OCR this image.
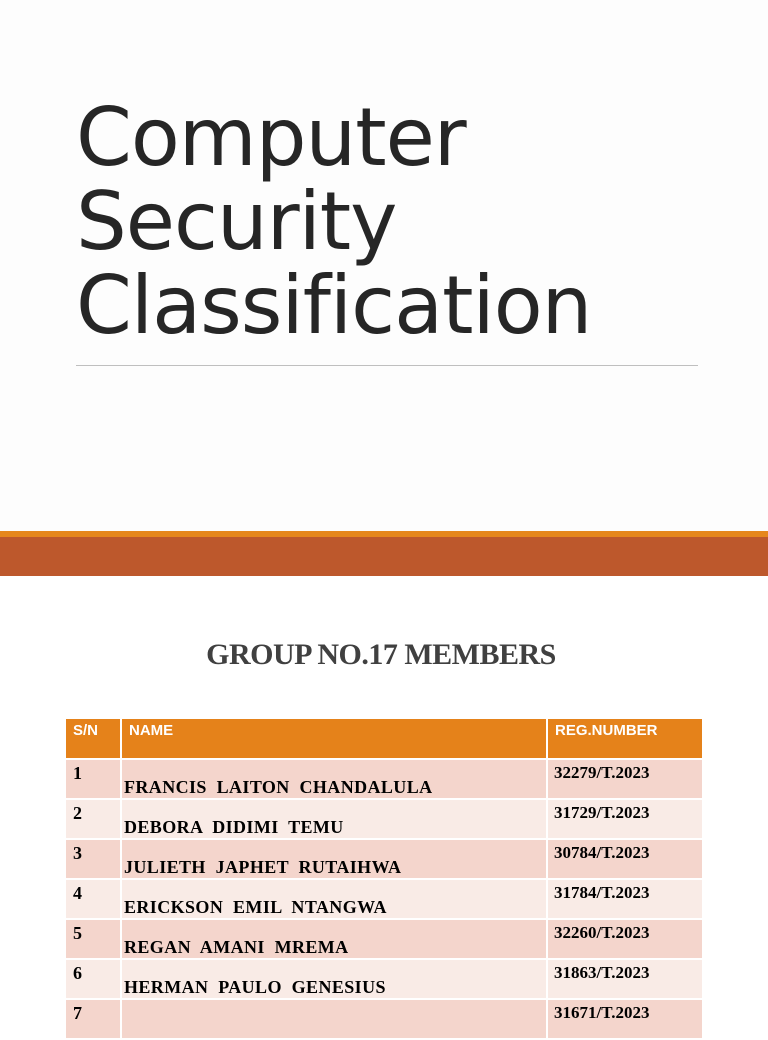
Computer
Security
Classification
GROUP NO.17 MEMBERS
S/N	NAME	REG.NUMBER

1	FRANCIS  LAITON  CHANDALULA	32279/T.2023

2	DEBORA  DIDIMI  TEMU	31729/T.2023

3	JULIETH  JAPHET  RUTAIHWA	30784/T.2023

4	ERICKSON  EMIL  NTANGWA	31784/T.2023

5	REGAN  AMANI  MREMA	32260/T.2023

6	HERMAN  PAULO  GENESIUS	31863/T.2023

7		31671/T.2023
